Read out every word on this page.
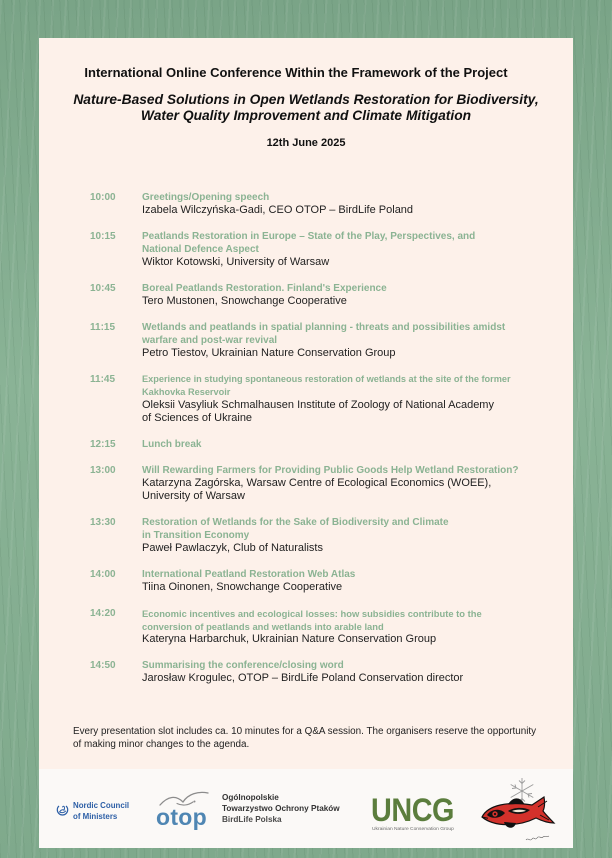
International Online Conference Within the Framework of the Project
Nature-Based Solutions in Open Wetlands Restoration for Biodiversity,
Water Quality Improvement and Climate Mitigation
12th June 2025
10:00	Greetings/Opening speech
Izabela Wilczyńska-Gadi, CEO OTOP – BirdLife Poland
10:15	Peatlands Restoration in Europe – State of the Play, Perspectives, and
National Defence Aspect
Wiktor Kotowski, University of Warsaw
10:45	Boreal Peatlands Restoration. Finland's Experience
Tero Mustonen, Snowchange Cooperative
11:15	Wetlands and peatlands in spatial planning - threats and possibilities amidst
warfare and post-war revival
Petro Tiestov, Ukrainian Nature Conservation Group
11:45	Experience in studying spontaneous restoration of wetlands at the site of the former
Kakhovka Reservoir
Oleksii Vasyliuk Schmalhausen Institute of Zoology of National Academy
of Sciences of Ukraine
12:15	Lunch break
13:00	Will Rewarding Farmers for Providing Public Goods Help Wetland Restoration?
Katarzyna Zagórska, Warsaw Centre of Ecological Economics (WOEE),
University of Warsaw
13:30	Restoration of Wetlands for the Sake of Biodiversity and Climate
in Transition Economy
Paweł Pawlaczyk, Club of Naturalists
14:00	International Peatland Restoration Web Atlas
Tiina Oinonen, Snowchange Cooperative
14:20	Economic incentives and ecological losses: how subsidies contribute to the
conversion of peatlands and wetlands into arable land
Kateryna Harbarchuk, Ukrainian Nature Conservation Group
14:50	Summarising the conference/closing word
Jarosław Krogulec, OTOP – BirdLife Poland Conservation director
Every presentation slot includes ca. 10 minutes for a Q&A session. The organisers reserve the opportunity
of making minor changes to the agenda.
Nordic Council
of Ministers	otop
Ogólnopolskie
Towarzystwo Ochrony Ptaków
BirdLife Polska	UNCG
Ukrainian Nature Conservation Group
